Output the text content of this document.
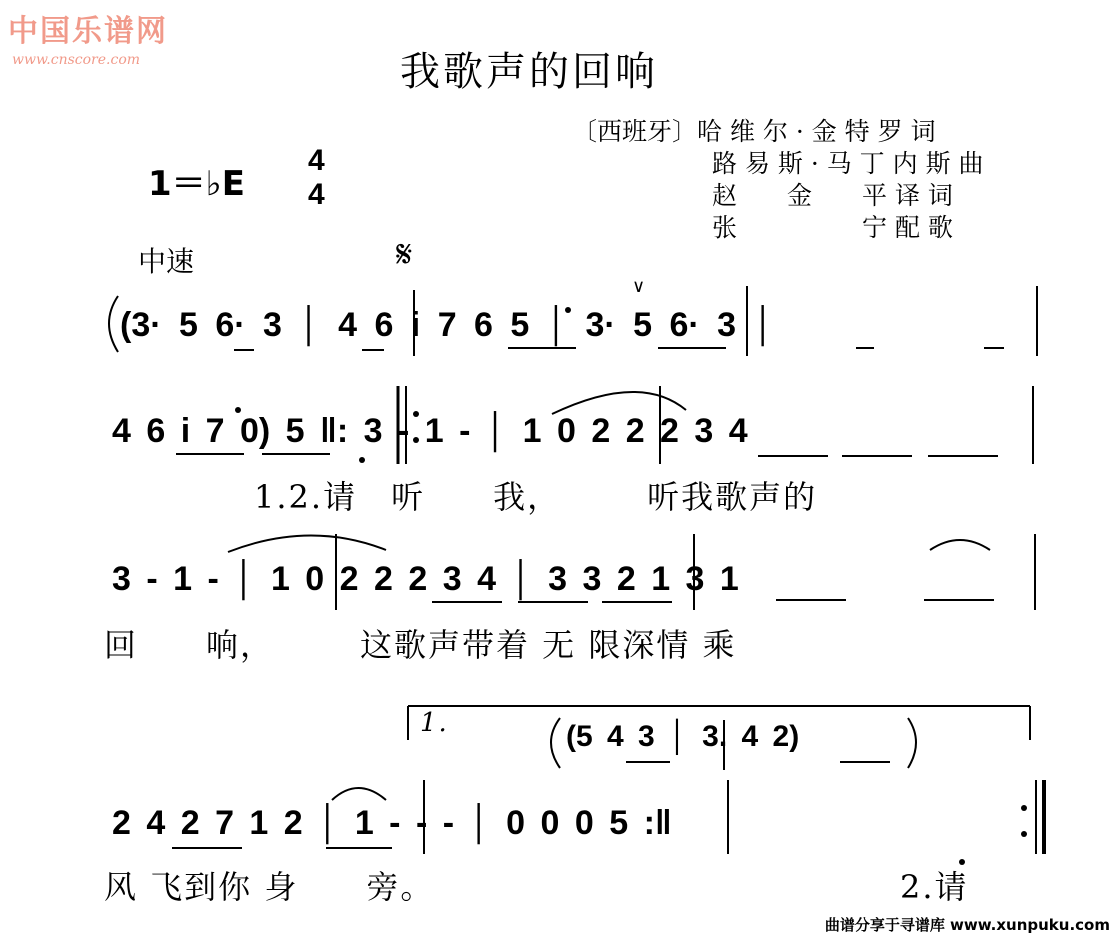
中国乐谱网
www.cnscore.com	我歌声的回响
〔西班牙〕哈 维 尔 · 金 特 罗 词
路 易 斯 · 马 丁 内 斯 曲
赵　　金　　平 译 词
张　　　　　宁 配 歌
1＝♭E
4
4
中速	𝄋
∨
(3· 5 6· 3 │ 4 6 i 7 6 5 │ 3· 5 6· 3 │
4 6 i 7 0) 5 ‖: 3 - 1 - │ 1 0 2 2 2 3 4
1.2.请　听　　我，　　　听我歌声的
3 - 1 - │ 1 0 2 2 2 3 4 │ 3 3 2 1 3 1
回　　响，　　　这歌声带着 无 限深情 乘
1.	(5 4 3 │ 3. 4 2)
2 4 2 7 1 2 │ 1 - - - │ 0 0 0 5 :‖
风 飞到你 身　　旁。	2.请
曲谱分享于寻谱库 www.xunpuku.com
